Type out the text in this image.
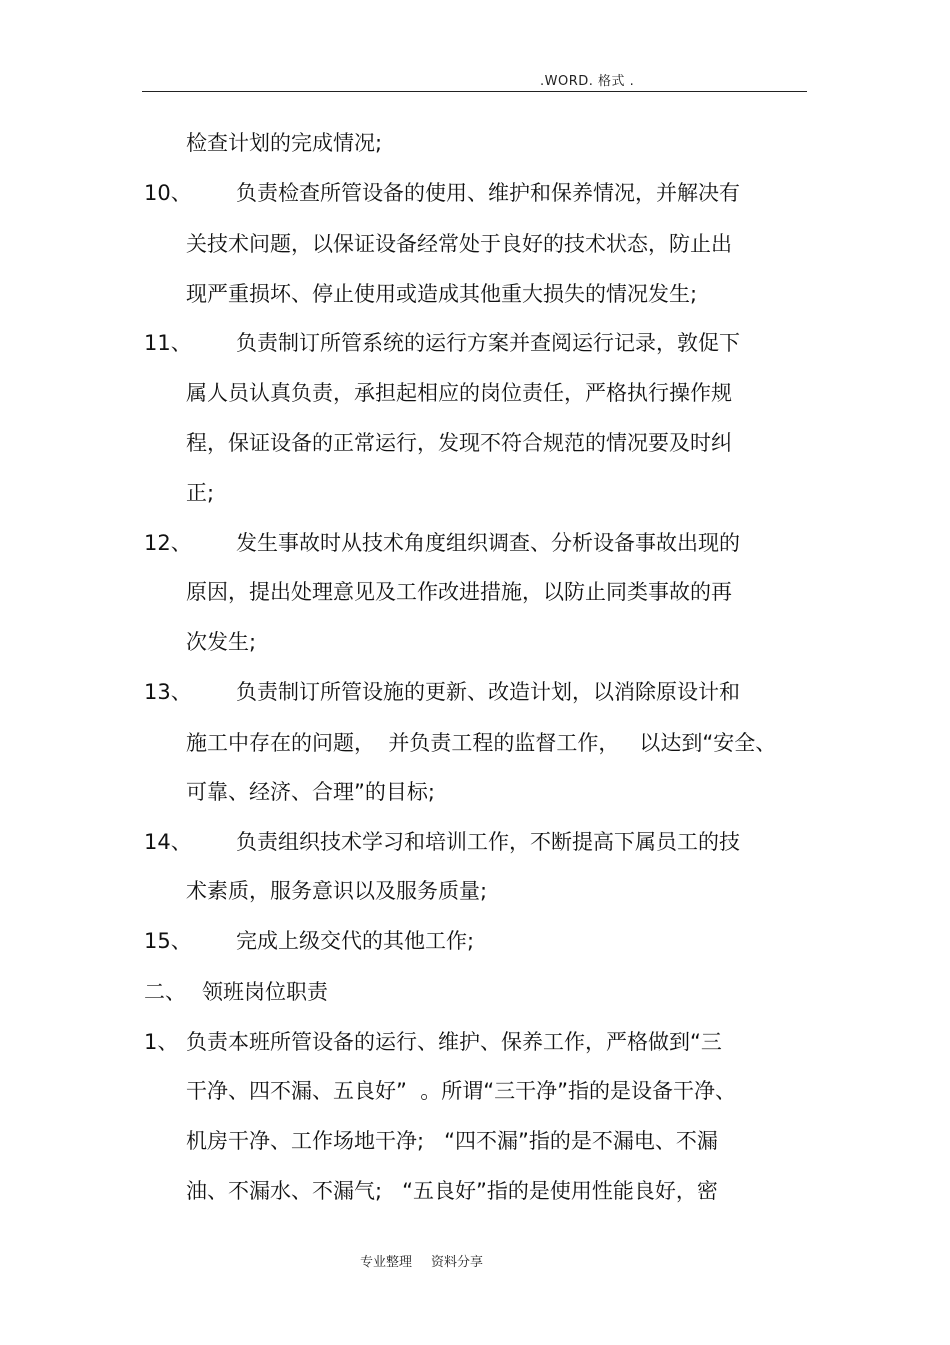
.WORD. 格式 .
检查计划的完成情况;
10、 负责检查所管设备的使用、维护和保养情况，并解决有
关技术问题，以保证设备经常处于良好的技术状态，防止出
现严重损坏、停止使用或造成其他重大损失的情况发生;
11、 负责制订所管系统的运行方案并查阅运行记录，敦促下
属人员认真负责，承担起相应的岗位责任，严格执行操作规
程，保证设备的正常运行，发现不符合规范的情况要及时纠
正;
12、 发生事故时从技术角度组织调查、分析设备事故出现的
原因，提出处理意见及工作改进措施，以防止同类事故的再
次发生;
13、 负责制订所管设施的更新、改造计划，以消除原设计和
施工中存在的问题，  并负责工程的监督工作，   以达到“安全、
可靠、经济、合理”的目标;
14、 负责组织技术学习和培训工作，不断提高下属员工的技
术素质，服务意识以及服务质量;
15、 完成上级交代的其他工作;
二、 领班岗位职责
1、 负责本班所管设备的运行、维护、保养工作，严格做到“三
干净、四不漏、五良好”  。所谓“三干净”指的是设备干净、
机房干净、工作场地干净;   “四不漏”指的是不漏电、不漏
油、不漏水、不漏气;   “五良好”指的是使用性能良好，密
专业整理 资料分享
